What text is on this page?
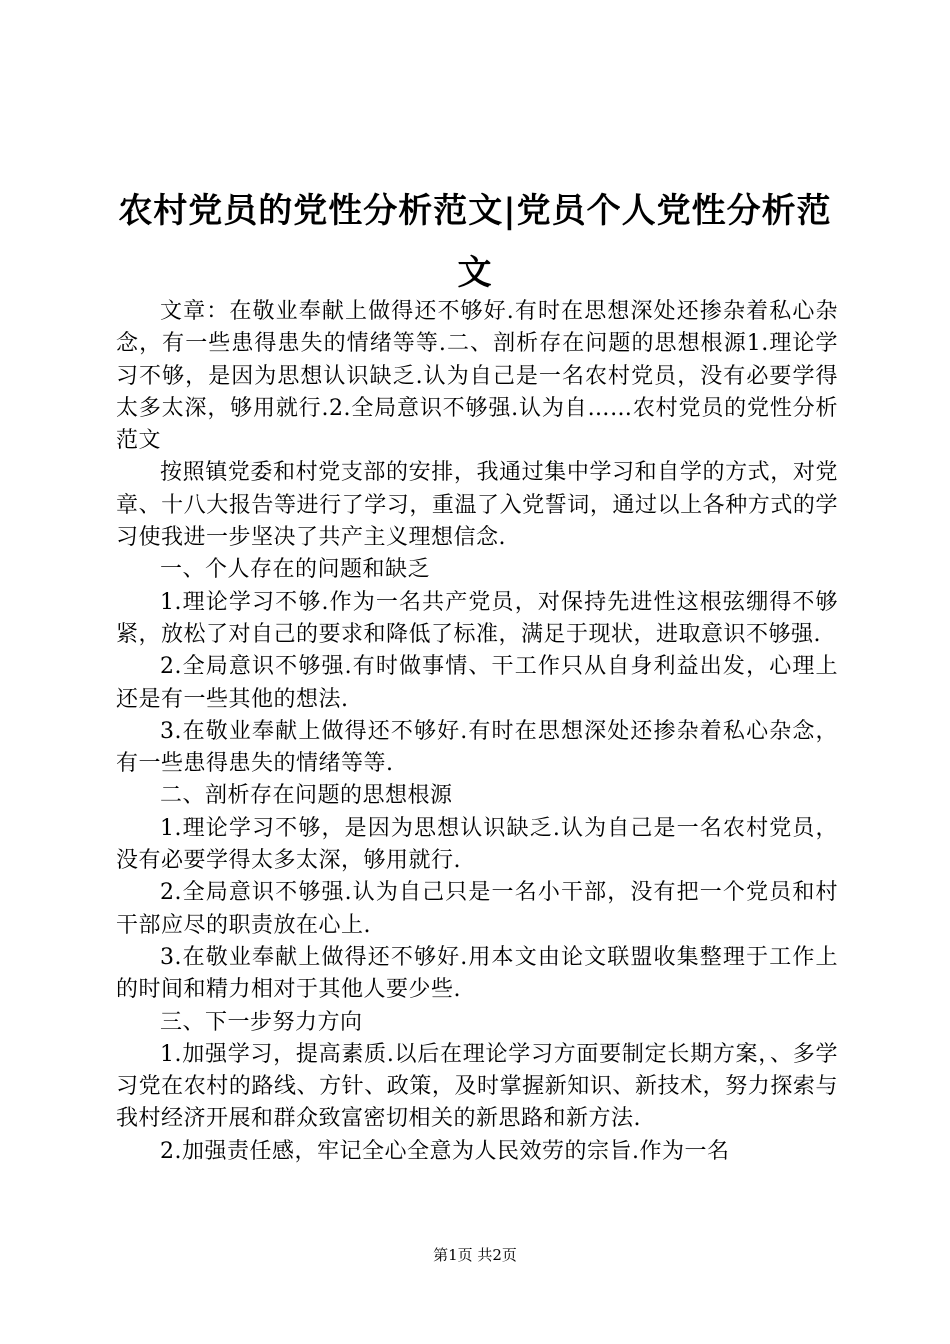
农村党员的党性分析范文|党员个人党性分析范文

文章：在敬业奉献上做得还不够好.有时在思想深处还掺杂着私心杂念，有一些患得患失的情绪等等.二、剖析存在问题的思想根源1.理论学习不够，是因为思想认识缺乏.认为自己是一名农村党员，没有必要学得太多太深，够用就行.2.全局意识不够强.认为自……农村党员的党性分析范文

按照镇党委和村党支部的安排，我通过集中学习和自学的方式，对党章、十八大报告等进行了学习，重温了入党誓词，通过以上各种方式的学习使我进一步坚决了共产主义理想信念.

一、个人存在的问题和缺乏

1.理论学习不够.作为一名共产党员，对保持先进性这根弦绷得不够紧，放松了对自己的要求和降低了标准，满足于现状，进取意识不够强.

2.全局意识不够强.有时做事情、干工作只从自身利益出发，心理上还是有一些其他的想法.

3.在敬业奉献上做得还不够好.有时在思想深处还掺杂着私心杂念，有一些患得患失的情绪等等.

二、剖析存在问题的思想根源

1.理论学习不够，是因为思想认识缺乏.认为自己是一名农村党员，没有必要学得太多太深，够用就行.

2.全局意识不够强.认为自己只是一名小干部，没有把一个党员和村干部应尽的职责放在心上.

3.在敬业奉献上做得还不够好.用本文由论文联盟收集整理于工作上的时间和精力相对于其他人要少些.

三、下一步努力方向

1.加强学习，提高素质.以后在理论学习方面要制定长期方案，、多学习党在农村的路线、方针、政策，及时掌握新知识、新技术，努力探索与我村经济开展和群众致富密切相关的新思路和新方法.

2.加强责任感，牢记全心全意为人民效劳的宗旨.作为一名

第1页 共2页
